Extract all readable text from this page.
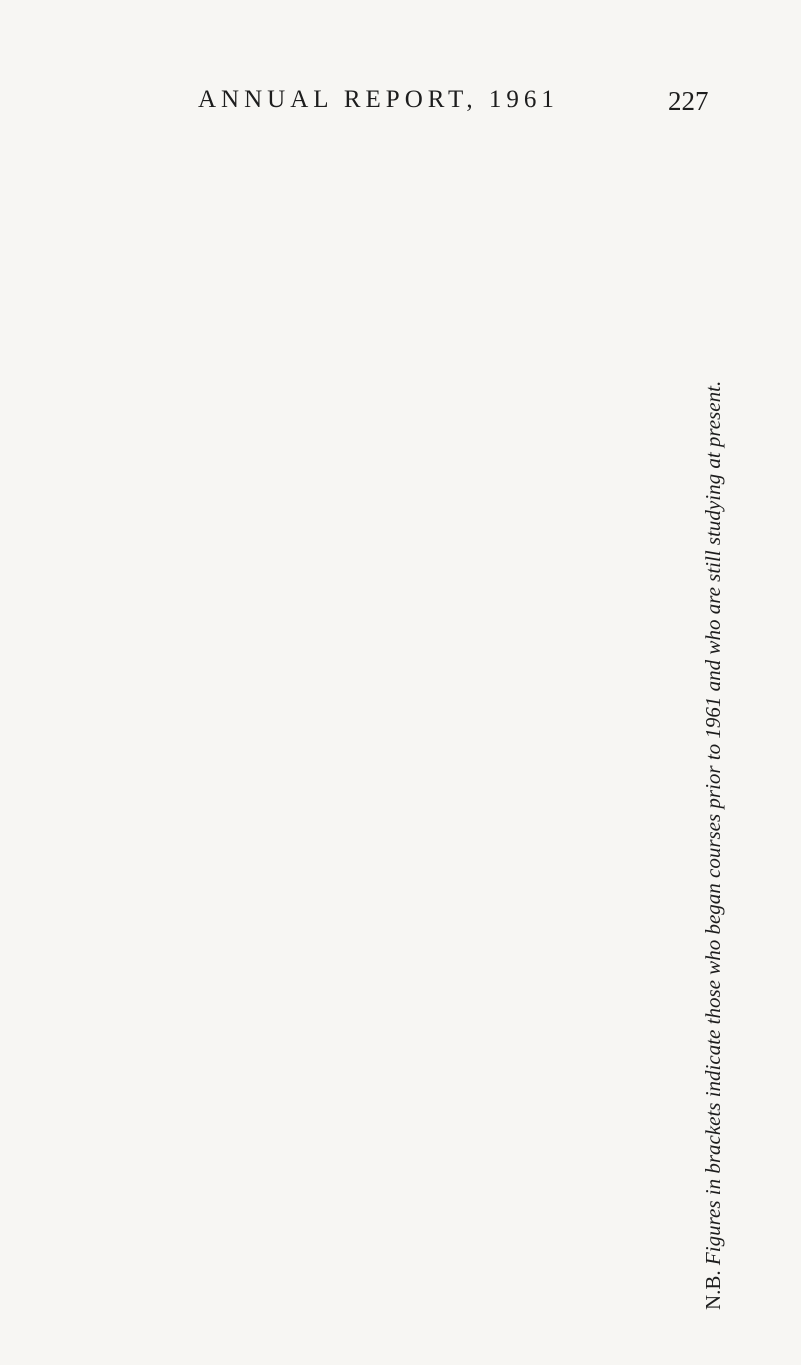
ANNUAL REPORT, 1961	227
N.B. Figures in brackets indicate those who began courses prior to 1961 and who are still studying at present.
